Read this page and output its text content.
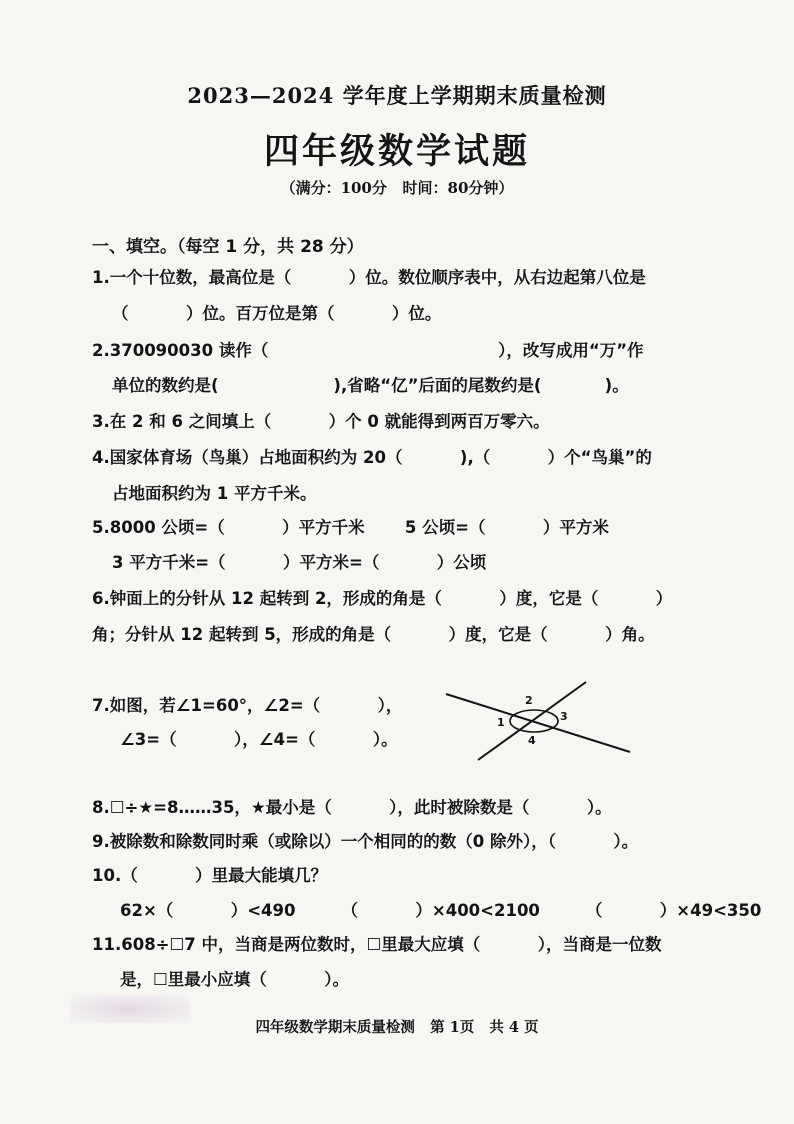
2023—2024 学年度上学期期末质量检测
四年级数学试题
（满分：100分   时间：80分钟）
一、填空。（每空 1 分，共 28 分）
1.一个十位数，最高位是（          ）位。数位顺序表中，从右边起第八位是
（          ）位。百万位是第（          ）位。
2.370090030 读作（                                        ），改写成用“万”作
单位的数约是(                    ),省略“亿”后面的尾数约是(           )。
3.在 2 和 6 之间填上（          ）个 0 就能得到两百万零六。
4.国家体育场（鸟巢）占地面积约为 20（          ),（          ）个“鸟巢”的
占地面积约为 1 平方千米。
5.8000 公顷=（          ）平方千米       5 公顷=（          ）平方米
3 平方千米=（          ）平方米=（          ）公顷
6.钟面上的分针从 12 起转到 2，形成的角是（          ）度，它是（          ）
角；分针从 12 起转到 5，形成的角是（          ）度，它是（          ）角。
7.如图，若∠1=60°，∠2=（          ），
∠3=（          ），∠4=（          ）。
1
2
3
4
8.☐÷★=8……35，★最小是（          ），此时被除数是（          ）。
9.被除数和除数同时乘（或除以）一个相同的的数（0 除外），（          ）。
10.（          ）里最大能填几？
62×（          ）<490        （          ）×400<2100        （          ）×49<350
11.608÷☐7 中，当商是两位数时，☐里最大应填（          ），当商是一位数
是，☐里最小应填（          ）。
四年级数学期末质量检测   第 1页   共 4 页
